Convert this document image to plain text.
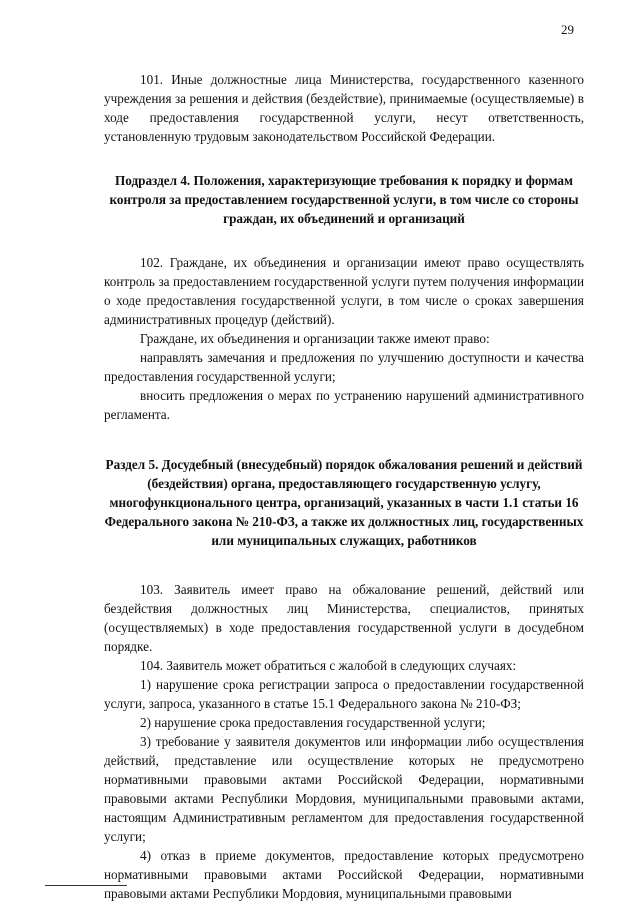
29

101. Иные должностные лица Министерства, государственного казенного учреждения за решения и действия (бездействие), принимаемые (осуществляемые) в ходе предоставления государственной услуги, несут ответственность, установленную трудовым законодательством Российской Федерации.

Подраздел 4. Положения, характеризующие требования к порядку и формам контроля за предоставлением государственной услуги, в том числе со стороны граждан, их объединений и организаций

102. Граждане, их объединения и организации имеют право осуществлять контроль за предоставлением государственной услуги путем получения информации о ходе предоставления государственной услуги, в том числе о сроках завершения административных процедур (действий).

Граждане, их объединения и организации также имеют право:

направлять замечания и предложения по улучшению доступности и качества предоставления государственной услуги;

вносить предложения о мерах по устранению нарушений административного регламента.

Раздел 5. Досудебный (внесудебный) порядок обжалования решений и действий (бездействия) органа, предоставляющего государственную услугу, многофункционального центра, организаций, указанных в части 1.1 статьи 16 Федерального закона № 210-ФЗ, а также их должностных лиц, государственных или муниципальных служащих, работников

103. Заявитель имеет право на обжалование решений, действий или бездействия должностных лиц Министерства, специалистов, принятых (осуществляемых) в ходе предоставления государственной услуги в досудебном порядке.

104. Заявитель может обратиться с жалобой в следующих случаях:

1) нарушение срока регистрации запроса о предоставлении государственной услуги, запроса, указанного в статье 15.1 Федерального закона № 210-ФЗ;

2) нарушение срока предоставления государственной услуги;

3) требование у заявителя документов или информации либо осуществления действий, представление или осуществление которых не предусмотрено нормативными правовыми актами Российской Федерации, нормативными правовыми актами Республики Мордовия, муниципальными правовыми актами, настоящим Административным регламентом для предоставления государственной услуги;

4) отказ в приеме документов, предоставление которых предусмотрено нормативными правовыми актами Российской Федерации, нормативными правовыми актами Республики Мордовия, муниципальными правовыми
